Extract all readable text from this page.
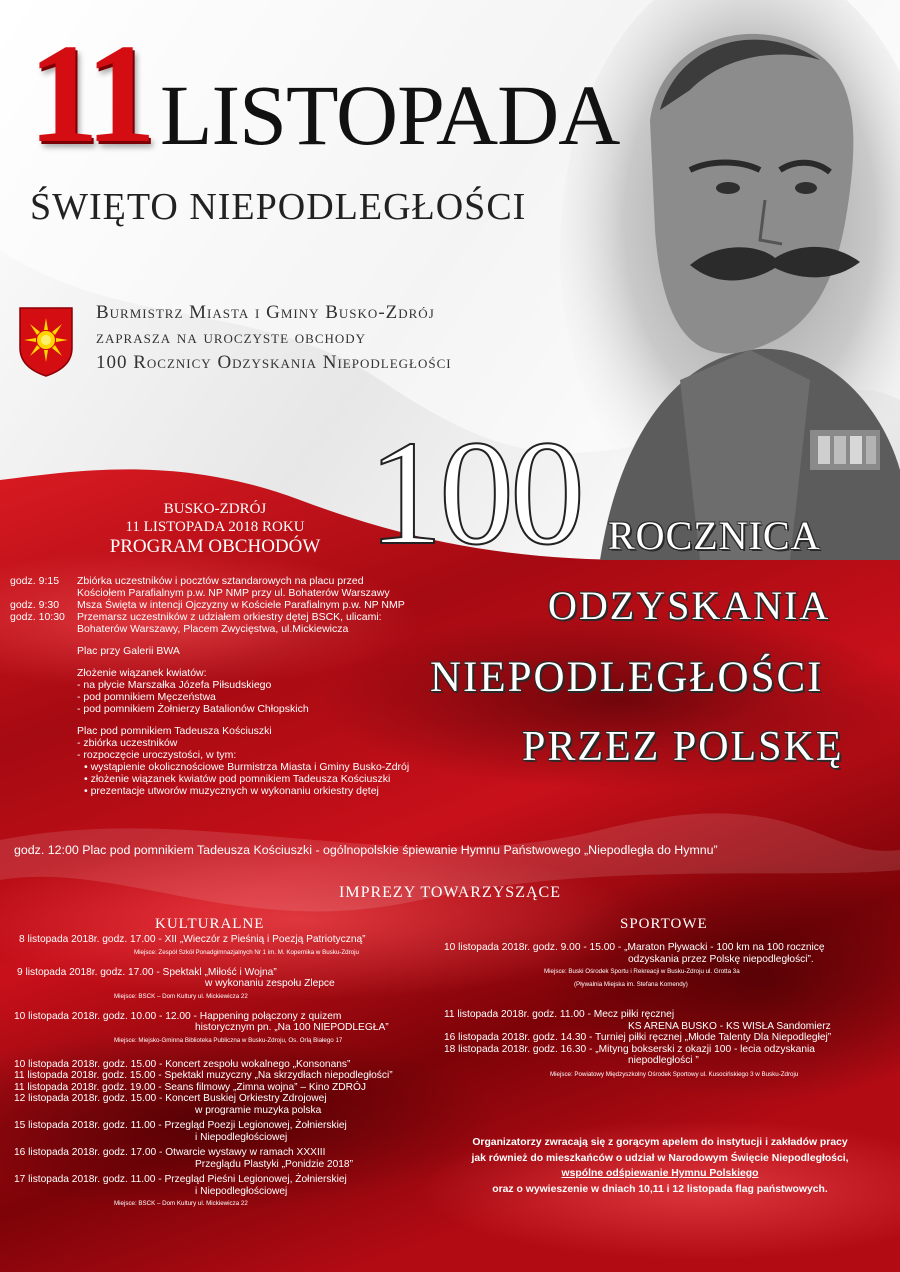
11 LISTOPADA
ŚWIĘTO NIEPODLEGŁOŚCI
Burmistrz Miasta i Gminy Busko-Zdrój
zaprasza na uroczyste obchody
100 Rocznicy Odzyskania Niepodległości
100 ROCZNICA
ODZYSKANIA
NIEPODLEGŁOŚCI
PRZEZ POLSKĘ
BUSKO-ZDRÓJ
11 LISTOPADA 2018 ROKU
PROGRAM OBCHODÓW
godz. 9:15	Zbiórka uczestników i pocztów sztandarowych na placu przed
Kościołem Parafialnym p.w. NP NMP przy ul. Bohaterów Warszawy
godz. 9:30	Msza Święta w intencji Ojczyzny w Kościele Parafialnym p.w. NP NMP
godz. 10:30	Przemarsz uczestników z udziałem orkiestry dętej BSCK, ulicami:
Bohaterów Warszawy, Placem Zwycięstwa, ul.Mickiewicza
Plac przy Galerii BWA
Złożenie wiązanek kwiatów:
- na płycie Marszałka Józefa Piłsudskiego
- pod pomnikiem Męczeństwa
- pod pomnikiem Żołnierzy Batalionów Chłopskich
Plac pod pomnikiem Tadeusza Kościuszki
- zbiórka uczestników
- rozpoczęcie uroczystości, w tym:
• wystąpienie okolicznościowe Burmistrza Miasta i Gminy Busko-Zdrój
• złożenie wiązanek kwiatów pod pomnikiem Tadeusza Kościuszki
• prezentacje utworów muzycznych w wykonaniu orkiestry dętej
godz. 12:00 Plac pod pomnikiem Tadeusza Kościuszki - ogólnopolskie śpiewanie Hymnu Państwowego „Niepodległa do Hymnu”
IMPREZY TOWARZYSZĄCE
KULTURALNE	SPORTOWE
8 listopada 2018r. godz. 17.00 - XII „Wieczór z Pieśnią i Poezją Patriotyczną”
Miejsce: Zespół Szkół Ponadgimnazjalnych Nr 1 im. M. Kopernika w Busku-Zdroju
9 listopada 2018r. godz. 17.00 - Spektakl „Miłość i Wojna”
w wykonaniu zespołu Zlepce
Miejsce: BSCK – Dom Kultury ul. Mickiewicza 22
10 listopada 2018r. godz. 10.00 - 12.00 - Happening połączony z quizem
historycznym pn. „Na 100 NIEPODLEGŁA”
Miejsce: Miejsko-Gminna Biblioteka Publiczna w Busku-Zdroju, Os. Orlą Białego 17
10 listopada 2018r. godz. 15.00 - Koncert zespołu wokalnego „Konsonans”
11 listopada 2018r. godz. 15.00 - Spektakl muzyczny „Na skrzydłach niepodległości”
11 listopada 2018r. godz. 19.00 - Seans filmowy „Zimna wojna” – Kino ZDRÓJ
12 listopada 2018r. godz. 15.00 - Koncert Buskiej Orkiestry Zdrojowej
w programie muzyka polska
15 listopada 2018r. godz. 11.00 - Przegląd Poezji Legionowej, Żołnierskiej
i Niepodległościowej
16 listopada 2018r. godz. 17.00 - Otwarcie wystawy w ramach XXXIII
Przeglądu Plastyki „Ponidzie 2018”
17 listopada 2018r. godz. 11.00 - Przegląd Pieśni Legionowej, Żołnierskiej
i Niepodległościowej
Miejsce: BSCK – Dom Kultury ul. Mickiewicza 22
10 listopada 2018r. godz. 9.00 - 15.00 - „Maraton Pływacki - 100 km na 100 rocznicę
odzyskania przez Polskę niepodległości”.
Miejsce: Buski Ośrodek Sportu i Rekreacji w Busku-Zdroju ul. Grotta 3a
(Pływalnia Miejska im. Stefana Komendy)
11 listopada 2018r. godz. 11.00 - Mecz piłki ręcznej
KS ARENA BUSKO - KS WISŁA Sandomierz
16 listopada 2018r. godz. 14.30 - Turniej piłki ręcznej „Młode Talenty Dla Niepodległej”
18 listopada 2018r. godz. 16.30 - „Mityng bokserski z okazji 100 - lecia odzyskania
niepodległości ”
Miejsce: Powiatowy Międzyszkolny Ośrodek Sportowy ul. Kusocińskiego 3 w Busku-Zdroju
Organizatorzy zwracają się z gorącym apelem do instytucji i zakładów pracy
jak również do mieszkańców o udział w Narodowym Święcie Niepodległości,
wspólne odśpiewanie Hymnu Polskiego
oraz o wywieszenie w dniach 10,11 i 12 listopada flag państwowych.
